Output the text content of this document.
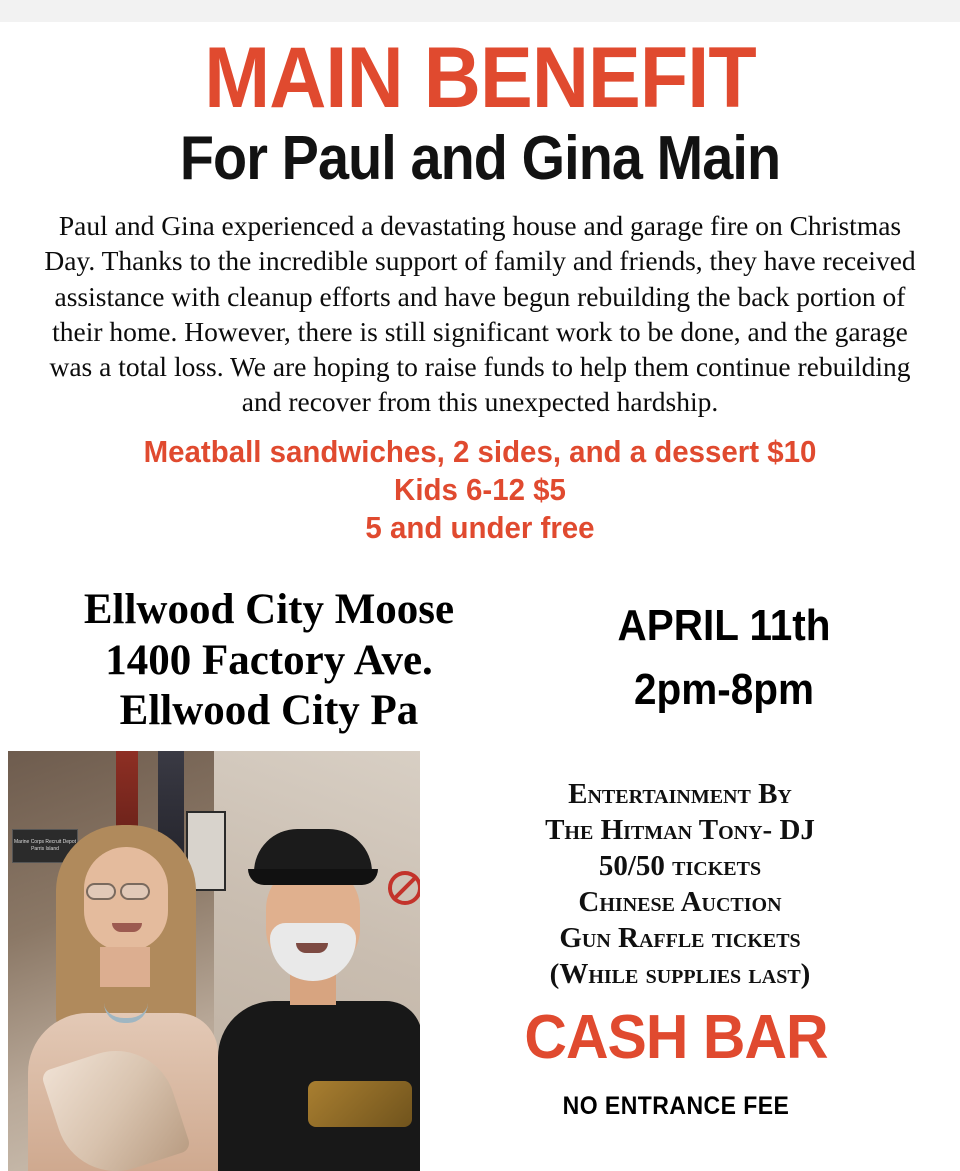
MAIN BENEFIT
For Paul and Gina Main

Paul and Gina experienced a devastating house and garage fire on Christmas Day. Thanks to the incredible support of family and friends, they have received assistance with cleanup efforts and have begun rebuilding the back portion of their home. However, there is still significant work to be done, and the garage was a total loss. We are hoping to raise funds to help them continue rebuilding and recover from this unexpected hardship.

Meatball sandwiches, 2 sides, and a dessert $10
Kids 6-12 $5
5 and under free
Ellwood City Moose
1400 Factory Ave.
Ellwood City Pa
APRIL 11th
2pm-8pm
Entertainment By
The Hitman Tony- DJ
50/50 tickets
Chinese Auction
Gun Raffle tickets
(While supplies last)
CASH BAR
NO ENTRANCE FEE
Marine Corps Recruit Depot Parris Island
